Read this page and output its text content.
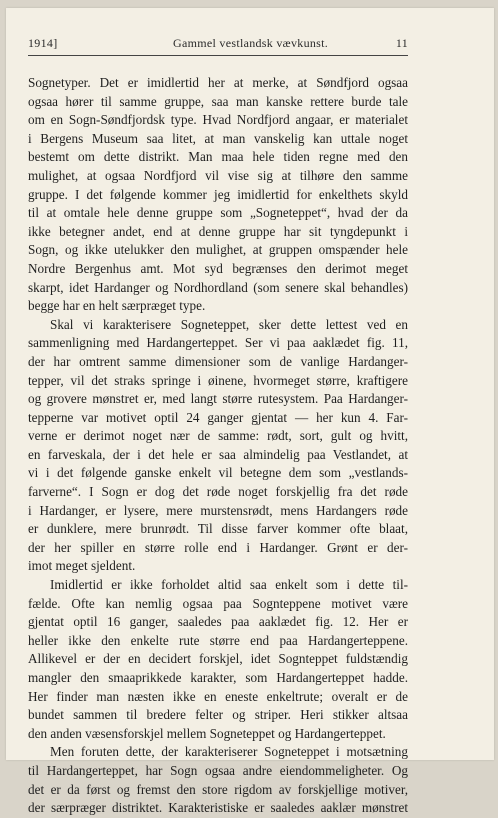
1914]	Gammel vestlandsk vævkunst.	11
Sognetyper. Det er imidlertid her at merke, at Søndfjord ogsaa
ogsaa hører til samme gruppe, saa man kanske rettere burde tale
om en Sogn-Søndfjordsk type. Hvad Nordfjord angaar, er materialet
i Bergens Museum saa litet, at man vanskelig kan uttale noget
bestemt om dette distrikt. Man maa hele tiden regne med den
mulighet, at ogsaa Nordfjord vil vise sig at tilhøre den samme
gruppe. I det følgende kommer jeg imidlertid for enkelthets skyld
til at omtale hele denne gruppe som „Sogneteppet“, hvad der da
ikke betegner andet, end at denne gruppe har sit tyngdepunkt i
Sogn, og ikke utelukker den mulighet, at gruppen omspænder hele
Nordre Bergenhus amt. Mot syd begrænses den derimot meget
skarpt, idet Hardanger og Nordhordland (som senere skal behandles)
begge har en helt særpræget type.
Skal vi karakterisere Sogneteppet, sker dette lettest ved en
sammenligning med Hardangerteppet. Ser vi paa aaklædet fig. 11,
der har omtrent samme dimensioner som de vanlige Hardanger-
tepper, vil det straks springe i øinene, hvormeget større, kraftigere
og grovere mønstret er, med langt større rutesystem. Paa Hardanger-
tepperne var motivet optil 24 ganger gjentat — her kun 4. Far-
verne er derimot noget nær de samme: rødt, sort, gult og hvitt,
en farveskala, der i det hele er saa almindelig paa Vestlandet, at
vi i det følgende ganske enkelt vil betegne dem som „vestlands-
farverne“. I Sogn er dog det røde noget forskjellig fra det røde
i Hardanger, er lysere, mere murstensrødt, mens Hardangers røde
er dunklere, mere brunrødt. Til disse farver kommer ofte blaat,
der her spiller en større rolle end i Hardanger. Grønt er der-
imot meget sjeldent.
Imidlertid er ikke forholdet altid saa enkelt som i dette til-
fælde. Ofte kan nemlig ogsaa paa Sognteppene motivet være
gjentat optil 16 ganger, saaledes paa aaklædet fig. 12. Her er
heller ikke den enkelte rute større end paa Hardangerteppene.
Allikevel er der en decidert forskjel, idet Sognteppet fuldstændig
mangler den smaaprikkede karakter, som Hardangerteppet hadde.
Her finder man næsten ikke en eneste enkeltrute; overalt er de
bundet sammen til bredere felter og striper. Heri stikker altsaa
den anden væsensforskjel mellem Sogneteppet og Hardangerteppet.
Men foruten dette, der karakteriserer Sogneteppet i motsætning
til Hardangerteppet, har Sogn ogsaa andre eiendommeligheter. Og
det er da først og fremst den store rigdom av forskjellige motiver,
der særpræger distriktet. Karakteristiske er saaledes aaklær mønstret
